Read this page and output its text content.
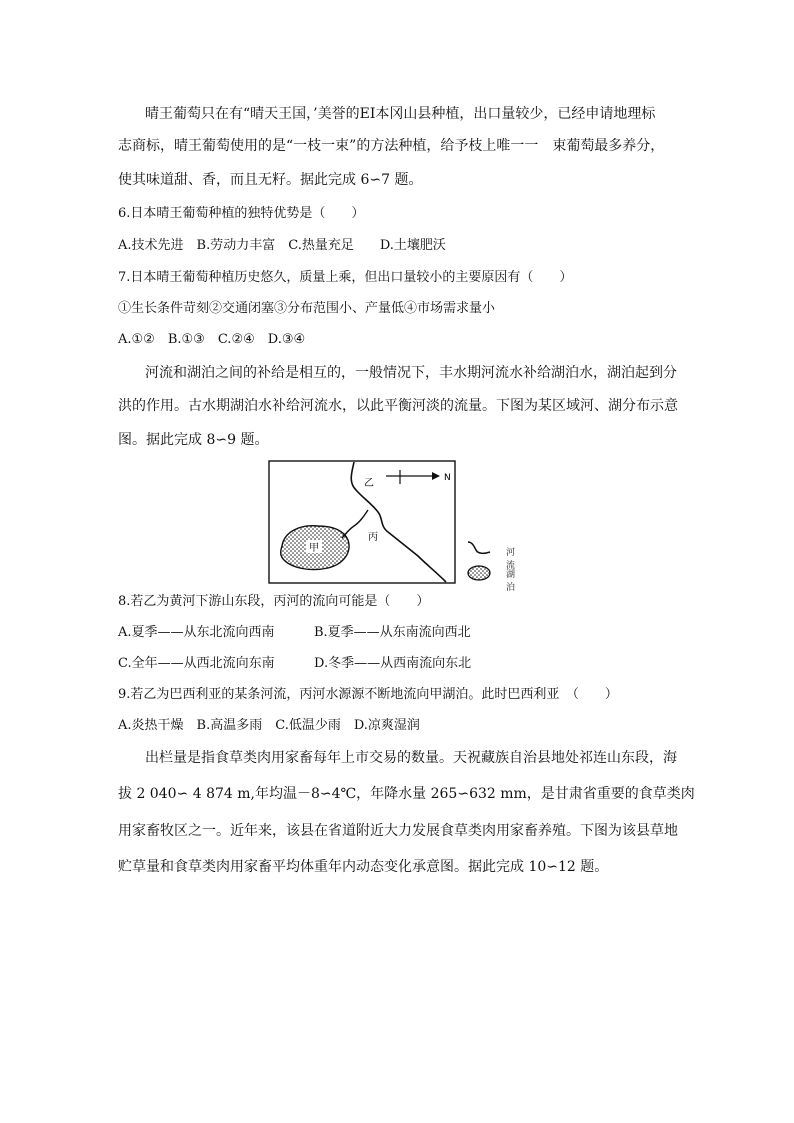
晴王葡萄只在有“晴天王国，’美誉的EI本冈山县种植，出口量较少，已经申请地理标
志商标，晴王葡萄使用的是“一枝一束”的方法种植，给予枝上唯一一　束葡萄最多养分，
使其味道甜、香，而且无籽。据此完成 6∽7 题。
6.日本晴王葡萄种植的独特优势是（　　）
A.技术先进　B.劳动力丰富　C.热量充足　　D.土壤肥沃
7.日本晴王葡萄种植历史悠久，质量上乘，但出口量较小的主要原因有（　　）
①生长条件苛刻②交通闭塞③分布范围小、产量低④市场需求量小
A.①②　B.①③　C.②④　D.③④
河流和湖泊之间的补给是相互的，一般情况下，丰水期河流水补给湖泊水，湖泊起到分
洪的作用。古水期湖泊水补给河流水，以此平衡河淡的流量。下图为某区域河、湖分布示意
图。据此完成 8∽9 题。
甲
乙
丙
N
河流
湖泊
8.若乙为黄河下游山东段，丙河的流向可能是（　　）
A.夏季——从东北流向西南	B.夏季——从东南流向西北
C.全年——从西北流向东南	D.冬季——从西南流向东北
9.若乙为巴西利亚的某条河流，丙河水源源不断地流向甲湖泊。此时巴西利亚　（　　）
A.炎热干燥　B.高温多雨　C.低温少雨　D.凉爽湿润
出栏量是指食草类肉用家畜每年上市交易的数量。天祝藏族自治县地处祁连山东段，海
拔 2 040∽ 4 874 m,年均温－8∽4℃，年降水量 265∽632 mm，是甘肃省重要的食草类肉
用家畜牧区之一。近年来，该县在省道附近大力发展食草类肉用家畜养殖。下图为该县草地
贮草量和食草类肉用家畜平均体重年内动态变化承意图。据此完成 10∽12 题。
